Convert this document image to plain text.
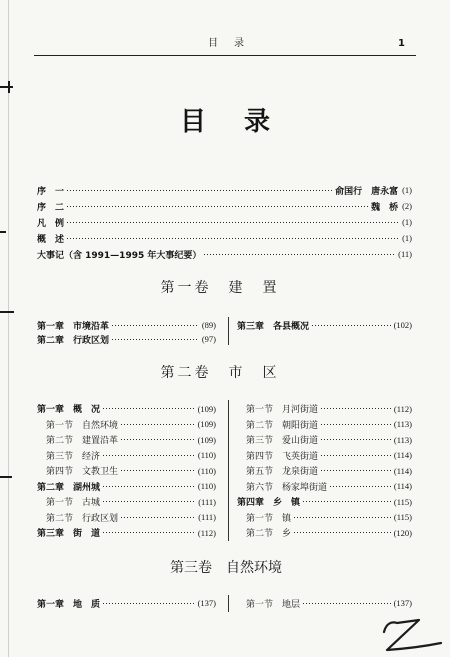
目　录	1
目　录
序　一	俞国行　唐永富 (1)
序　二	魏　桥 (2)
凡　例	(1)
概　述	(1)
大事记（含 1991—1995 年大事纪要）	(11)
第一卷　建　置
第一章　市境沿革	(89)
第二章　行政区划	(97)
第三章　各县概况	(102)
第二卷　市　区
第一章　概　况	(109)
第一节　自然环境	(109)
第二节　建置沿革	(109)
第三节　经济	(110)
第四节　文教卫生	(110)
第二章　湖州城	(110)
第一节　古城	(111)
第二节　行政区划	(111)
第三章　街　道	(112)
第一节　月河街道	(112)
第二节　朝阳街道	(113)
第三节　爱山街道	(113)
第四节　飞英街道	(114)
第五节　龙泉街道	(114)
第六节　杨家埠街道	(114)
第四章　乡　镇	(115)
第一节　镇	(115)
第二节　乡	(120)
第三卷　自然环境
第一章　地　质	(137)	第一节　地层	(137)
